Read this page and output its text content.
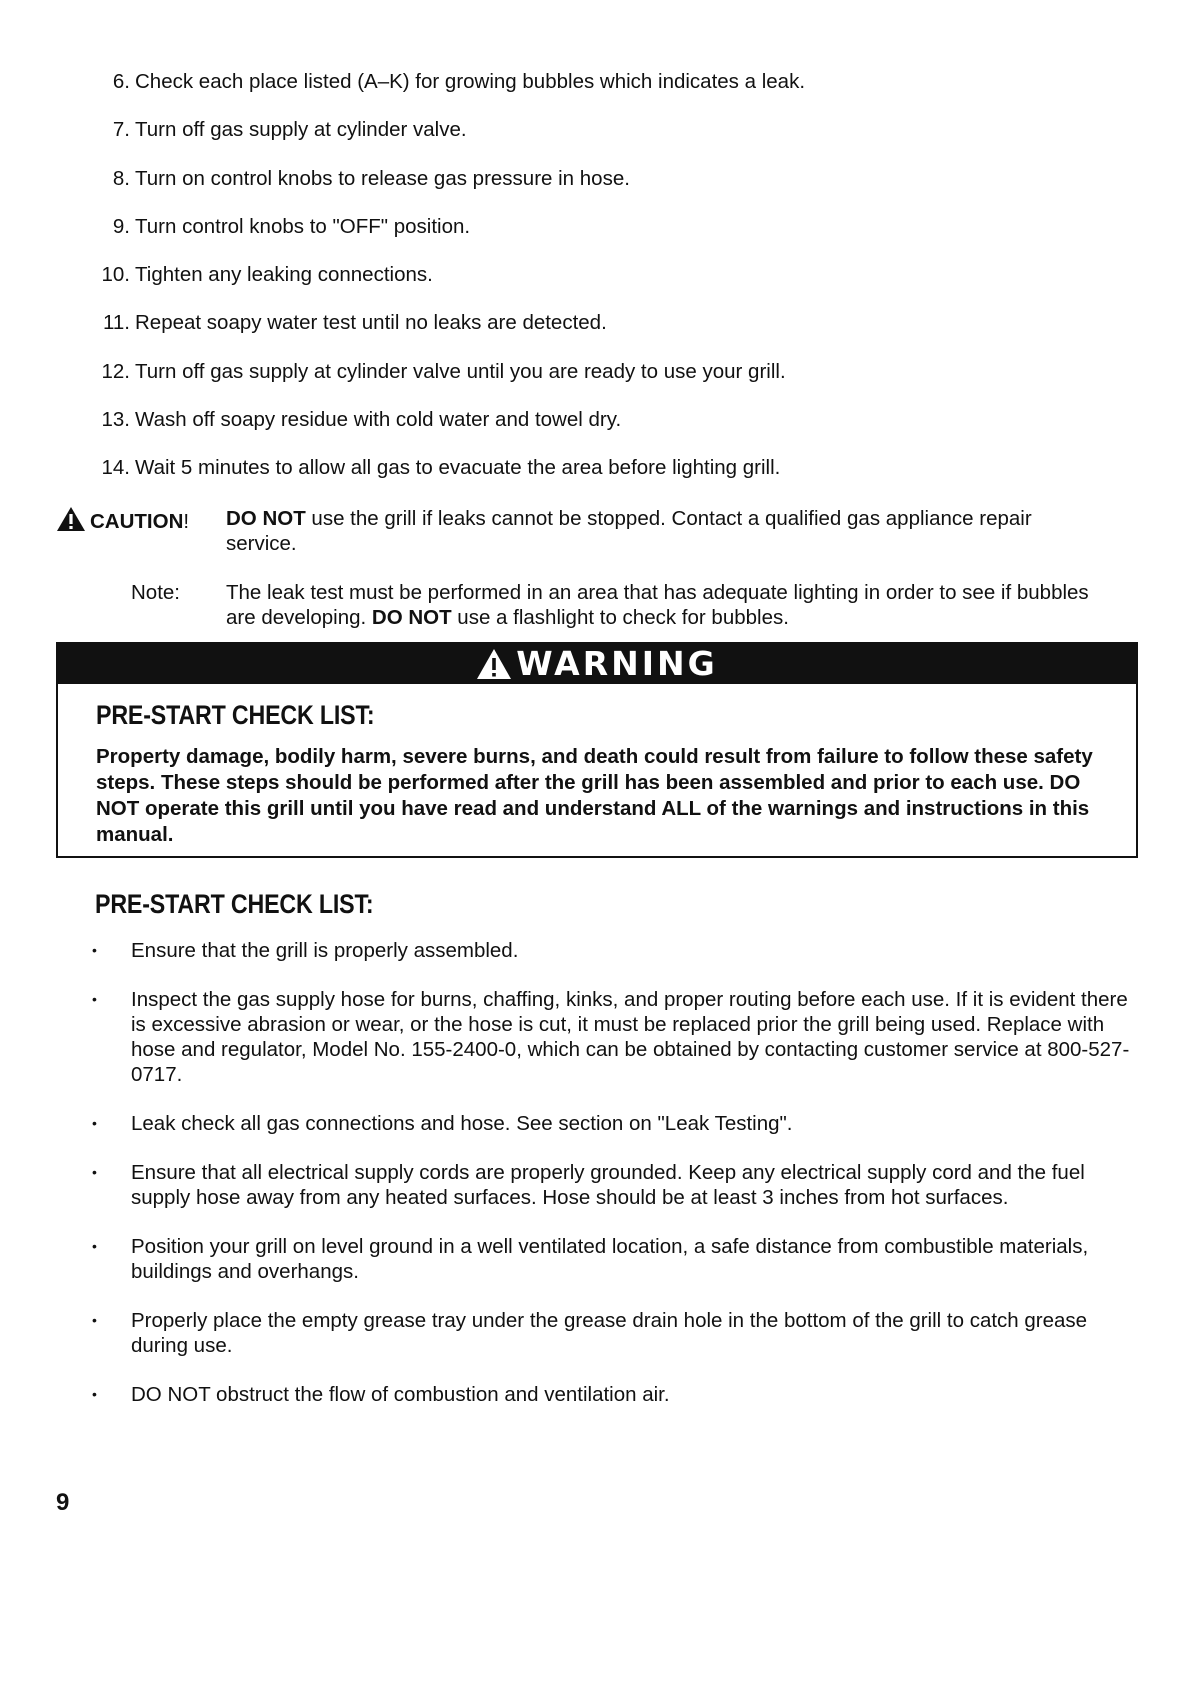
6. Check each place listed (A–K) for growing bubbles which indicates a leak.
7. Turn off gas supply at cylinder valve.
8. Turn on control knobs to release gas pressure in hose.
9. Turn control knobs to "OFF" position.
10. Tighten any leaking connections.
11. Repeat soapy water test until no leaks are detected.
12. Turn off gas supply at cylinder valve until you are ready to use your grill.
13. Wash off soapy residue with cold water and towel dry.
14. Wait 5 minutes to allow all gas to evacuate the area before lighting grill.
CAUTION!	DO NOT use the grill if leaks cannot be stopped. Contact a qualified gas appliance repair service.
Note:	The leak test must be performed in an area that has adequate lighting in order to see if bubbles are developing. DO NOT use a flashlight to check for bubbles.
WARNING
PRE-START CHECK LIST:
Property damage, bodily harm, severe burns, and death could result from failure to follow these safety steps. These steps should be performed after the grill has been assembled and prior to each use. DO NOT operate this grill until you have read and understand ALL of the warnings and instructions in this manual.
PRE-START CHECK LIST:
•	Ensure that the grill is properly assembled.
•	Inspect the gas supply hose for burns, chaffing, kinks, and proper routing before each use. If it is evident there is excessive abrasion or wear, or the hose is cut, it must be replaced prior the grill being used. Replace with hose and regulator, Model No. 155-2400-0, which can be obtained by contacting customer service at 800-527-0717.
•	Leak check all gas connections and hose. See section on "Leak Testing".
•	Ensure that all electrical supply cords are properly grounded. Keep any electrical supply cord and the fuel supply hose away from any heated surfaces. Hose should be at least 3 inches from hot surfaces.
•	Position your grill on level ground in a well ventilated location, a safe distance from combustible materials, buildings and overhangs.
•	Properly place the empty grease tray under the grease drain hole in the bottom of the grill to catch grease during use.
•	DO NOT obstruct the flow of combustion and ventilation air.
9
